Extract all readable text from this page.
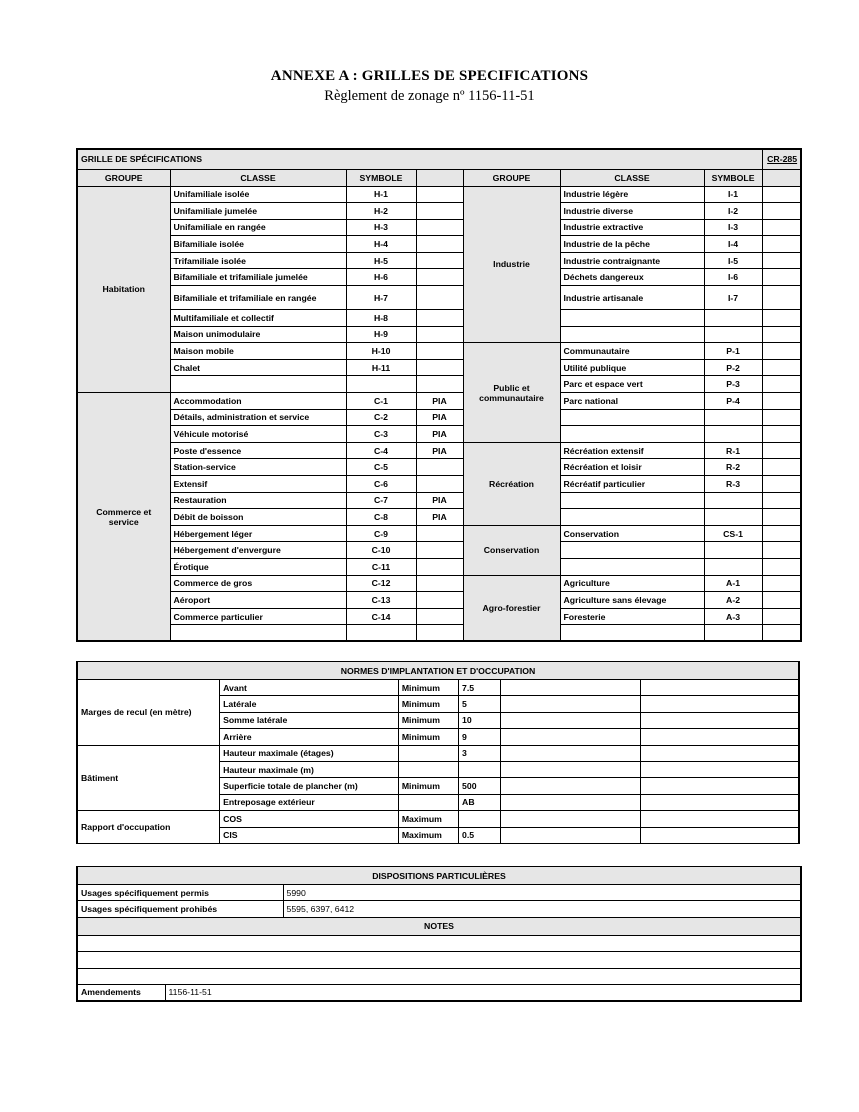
ANNEXE A : GRILLES DE SPECIFICATIONS
Règlement de zonage nº 1156-11-51
GRILLE DE SPÉCIFICATIONS							CR-285
GROUPE	CLASSE	SYMBOLE		GROUPE	CLASSE	SYMBOLE	
Habitation	Unifamiliale isolée	H-1		Industrie	Industrie légère	I-1	
	Unifamiliale jumelée	H-2			Industrie diverse	I-2	
	Unifamiliale en rangée	H-3			Industrie extractive	I-3	
	Bifamiliale isolée	H-4			Industrie de la pêche	I-4	
	Trifamiliale isolée	H-5			Industrie contraignante	I-5	
	Bifamiliale et trifamiliale jumelée	H-6			Déchets dangereux	I-6	
	Bifamiliale et trifamiliale en rangée	H-7			Industrie artisanale	I-7	
	Multifamiliale et collectif	H-8					
	Maison unimodulaire	H-9					
	Maison mobile	H-10		Public et communautaire	Communautaire	P-1	
	Chalet	H-11			Utilité publique	P-2	
					Parc et espace vert	P-3	
Commerce et service	Accommodation	C-1	PIA		Parc national	P-4	
	Détails, administration et service	C-2	PIA				
	Véhicule motorisé	C-3	PIA				
	Poste d'essence	C-4	PIA	Récréation	Récréation extensif	R-1	
	Station-service	C-5			Récréation et loisir	R-2	
	Extensif	C-6			Récréatif particulier	R-3	
	Restauration	C-7	PIA				
	Débit de boisson	C-8	PIA				
	Hébergement léger	C-9		Conservation	Conservation	CS-1	
	Hébergement d'envergure	C-10					
	Érotique	C-11					
	Commerce de gros	C-12		Agro-forestier	Agriculture	A-1	
	Aéroport	C-13			Agriculture sans élevage	A-2	
	Commerce particulier	C-14			Foresterie	A-3	

NORMES D'IMPLANTATION ET D'OCCUPATION					
Marges de recul (en mètre)	Avant	Minimum	7.5		
	Latérale	Minimum	5		
	Somme latérale	Minimum	10		
	Arrière	Minimum	9		
Bâtiment	Hauteur maximale (étages)		3		
	Hauteur maximale (m)				
	Superficie totale de plancher (m)	Minimum	500		
	Entreposage extérieur		AB		
Rapport d'occupation	COS	Maximum			
	CIS	Maximum	0.5		
DISPOSITIONS PARTICULIÈRES		
Usages spécifiquement permis		5990
Usages spécifiquement prohibés		5595, 6397, 6412
NOTES		

Amendements	1156-11-51	
